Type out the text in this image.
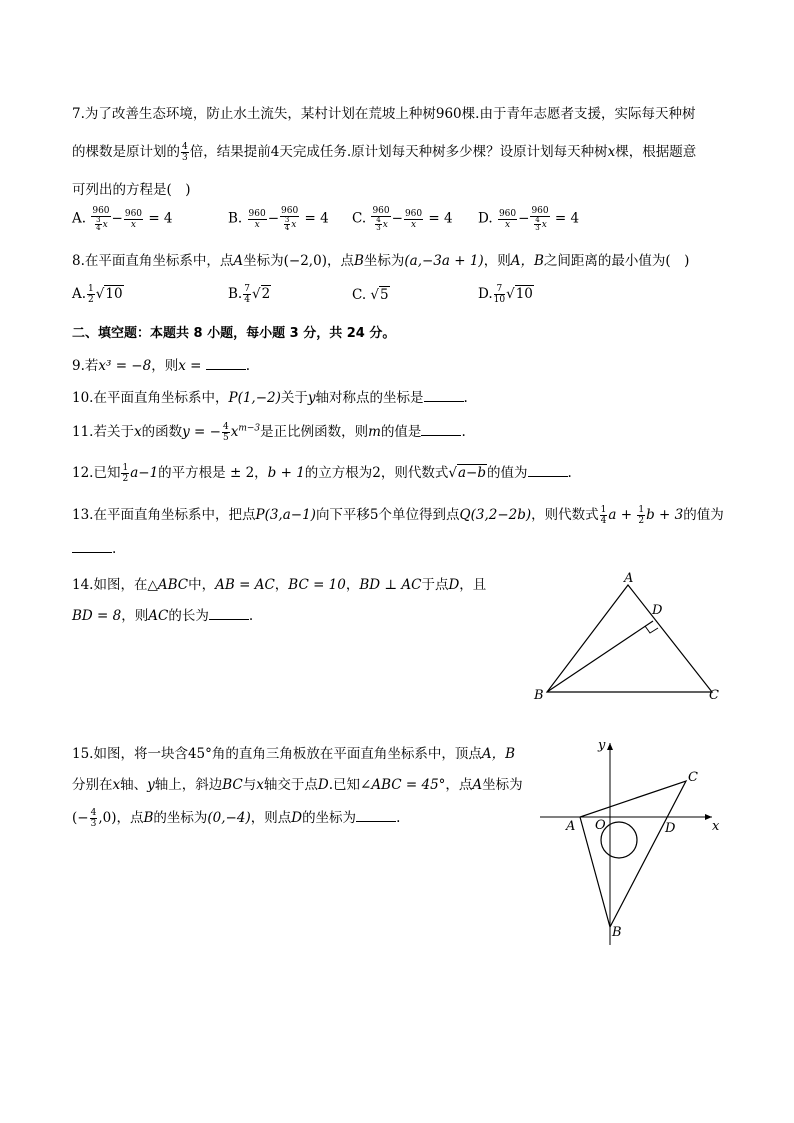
7.为了改善生态环境，防止水土流失，某村计划在荒坡上种树960棵.由于青年志愿者支援，实际每天种树
的棵数是原计划的 $\frac{4}{3}$ 倍，结果提前4天完成任务.原计划每天种树多少棵？设原计划每天种树x棵，根据题意
可列出的方程是(　)
A. $\frac{960}{\frac{3}{4} x} - \frac{960}{x} = 4$	B. $\frac{960}{x} - \frac{960}{\frac{3}{4} x} = 4$ C. $\frac{960}{\frac{4}{3} x} - \frac{960}{x} = 4$ D. $\frac{960}{x} - \frac{960}{\frac{4}{3} x} = 4$
8.在平面直角坐标系中，点A坐标为(−2,0)，点B坐标为(a,−3a + 1)，则A，B之间距离的最小值为(　)
A. $\frac{1}{2} √10$	B. $\frac{7}{4} √2$	C. √5	D. $\frac{7}{10} √10$
二、填空题：本题共 8 小题，每小题 3 分，共 24 分。
9.若x³ = −8，则x =	.
10.在平面直角坐标系中，P(1,−2)关于y轴对称点的坐标是	.
11.若关于x的函数y = − $\frac{4}{5} x^{m-3}$是正比例函数，则m的值是	.
12.已知 $\frac{1}{2} a-1$的平方根是 ± 2，b + 1的立方根为2，则代数式√a−b的值为	.
13.在平面直角坐标系中，把点P(3,a−1)向下平移5个单位得到点Q(3,2−2b)，则代数式 $\frac{1}{4}$ $a + \frac{1}{2}$ b + 3的值为
.
14.如图，在△ABC中，AB = AC，BC = 10，BD ⊥ AC于点D，且
BD = 8，则AC的长为	.
A
B	C
D
15.如图，将一块含45°角的直角三角板放在平面直角坐标系中，顶点A，B
分别在x轴、y轴上，斜边BC与x轴交于点D.已知∠ABC = 45°，点A坐标为
(− $\frac{4}{3} ,0$)，点B的坐标为(0,−4)，则点D的坐标为	.
y
x
O
A
B
C
D
